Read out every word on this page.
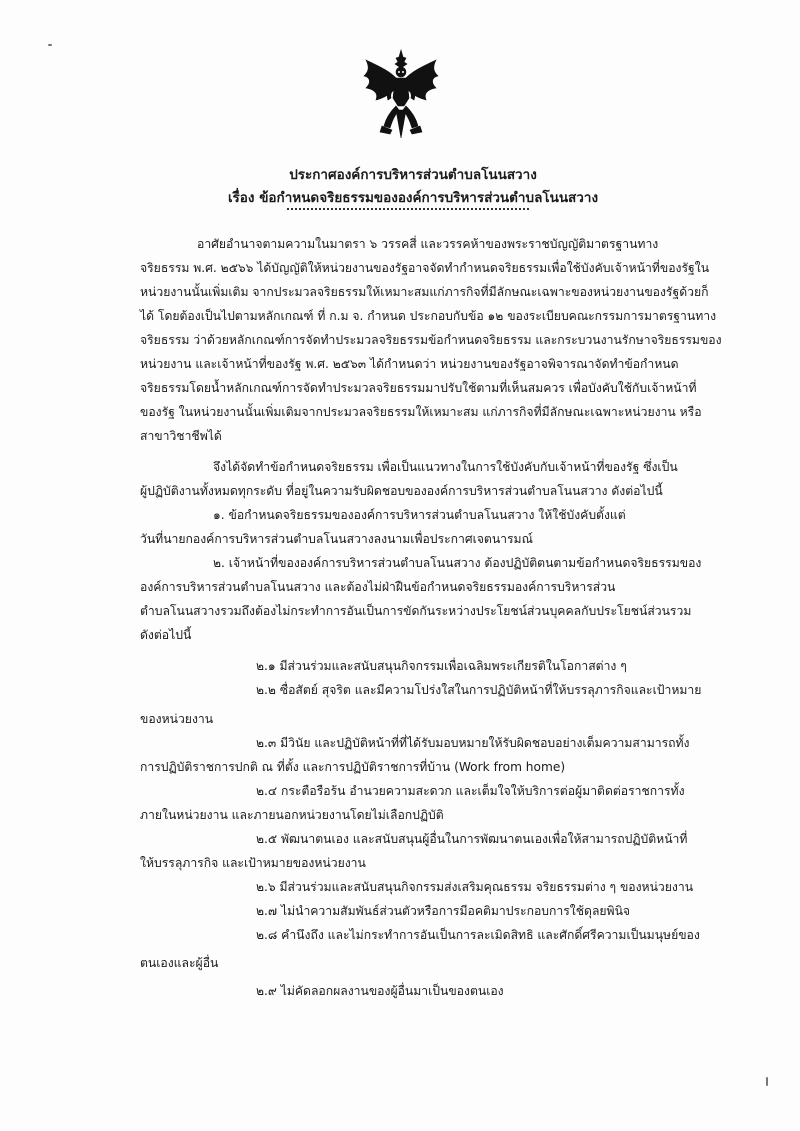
ประกาศองค์การบริหารส่วนตำบลโนนสวาง
เรื่อง ข้อกำหนดจริยธรรมขององค์การบริหารส่วนตำบลโนนสวาง
อาศัยอำนาจตามความในมาตรา ๖ วรรคสี่ และวรรคห้าของพระราชบัญญัติมาตรฐานทาง
จริยธรรม พ.ศ. ๒๕๖๖ ได้บัญญัติให้หน่วยงานของรัฐอาจจัดทำกำหนดจริยธรรมเพื่อใช้บังคับเจ้าหน้าที่ของรัฐใน
หน่วยงานนั้นเพิ่มเติม จากประมวลจริยธรรมให้เหมาะสมแก่ภารกิจที่มีลักษณะเฉพาะของหน่วยงานของรัฐด้วยก็
ได้ โดยต้องเป็นไปตามหลักเกณฑ์ ที่ ก.ม จ. กำหนด ประกอบกับข้อ ๑๒ ของระเบียบคณะกรรมการมาตรฐานทาง
จริยธรรม ว่าด้วยหลักเกณฑ์การจัดทำประมวลจริยธรรมข้อกำหนดจริยธรรม และกระบวนงานรักษาจริยธรรมของ
หน่วยงาน และเจ้าหน้าที่ของรัฐ พ.ศ. ๒๕๖๓ ได้กำหนดว่า หน่วยงานของรัฐอาจพิจารณาจัดทำข้อกำหนด
จริยธรรมโดยน้ำหลักเกณฑ์การจัดทำประมวลจริยธรรมมาปรับใช้ตามที่เห็นสมควร เพื่อบังคับใช้กับเจ้าหน้าที่
ของรัฐ ในหน่วยงานนั้นเพิ่มเติมจากประมวลจริยธรรมให้เหมาะสม แก่ภารกิจที่มีลักษณะเฉพาะหน่วยงาน หรือ
สาขาวิชาชีพได้
จึงได้จัดทำข้อกำหนดจริยธรรม เพื่อเป็นแนวทางในการใช้บังคับกับเจ้าหน้าที่ของรัฐ ซึ่งเป็น
ผู้ปฏิบัติงานทั้งหมดทุกระดับ ที่อยู่ในความรับผิดชอบขององค์การบริหารส่วนตำบลโนนสวาง ดังต่อไปนี้
๑. ข้อกำหนดจริยธรรมขององค์การบริหารส่วนตำบลโนนสวาง ให้ใช้บังคับตั้งแต่
วันที่นายกองค์การบริหารส่วนตำบลโนนสวางลงนามเพื่อประกาศเจตนารมณ์
๒. เจ้าหน้าที่ขององค์การบริหารส่วนตำบลโนนสวาง ต้องปฏิบัติตนตามข้อกำหนดจริยธรรมของ
องค์การบริหารส่วนตำบลโนนสวาง และต้องไม่ฝ่าฝืนข้อกำหนดจริยธรรมองค์การบริหารส่วน
ตำบลโนนสวางรวมถึงต้องไม่กระทำการอันเป็นการขัดกันระหว่างประโยชน์ส่วนบุคคลกับประโยชน์ส่วนรวม
ดังต่อไปนี้
๒.๑ มีส่วนร่วมและสนับสนุนกิจกรรมเพื่อเฉลิมพระเกียรติในโอกาสต่าง ๆ
๒.๒ ซื่อสัตย์ สุจริต และมีความโปร่งใสในการปฏิบัติหน้าที่ให้บรรลุภารกิจและเป้าหมาย
ของหน่วยงาน
๒.๓ มีวินัย และปฏิบัติหน้าที่ที่ได้รับมอบหมายให้รับผิดชอบอย่างเต็มความสามารถทั้ง
การปฏิบัติราชการปกติ ณ ที่ตั้ง และการปฏิบัติราชการที่บ้าน (Work from home)
๒.๔ กระตือรือร้น อำนวยความสะดวก และเต็มใจให้บริการต่อผู้มาติดต่อราชการทั้ง
ภายในหน่วยงาน และภายนอกหน่วยงานโดยไม่เลือกปฏิบัติ
๒.๕ พัฒนาตนเอง และสนับสนุนผู้อื่นในการพัฒนาตนเองเพื่อให้สามารถปฏิบัติหน้าที่
ให้บรรลุภารกิจ และเป้าหมายของหน่วยงาน
๒.๖ มีส่วนร่วมและสนับสนุนกิจกรรมส่งเสริมคุณธรรม จริยธรรมต่าง ๆ ของหน่วยงาน
๒.๗ ไม่นำความสัมพันธ์ส่วนตัวหรือการมีอคติมาประกอบการใช้ดุลยพินิจ
๒.๘ คำนึงถึง และไม่กระทำการอันเป็นการละเมิดสิทธิ และศักดิ์ศรีความเป็นมนุษย์ของ
ตนเองและผู้อื่น
๒.๙ ไม่คัดลอกผลงานของผู้อื่นมาเป็นของตนเอง
